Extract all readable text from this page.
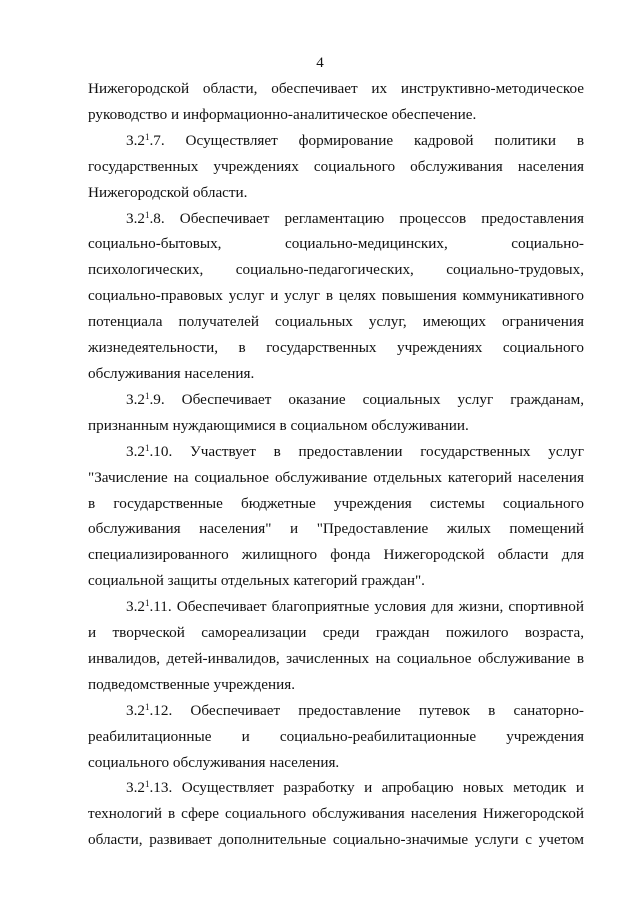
4
Нижегородской области, обеспечивает их инструктивно-методическое
руководство и информационно-аналитическое обеспечение.
$3.2^1.7$. Осуществляет формирование кадровой политики в
государственных учреждениях социального обслуживания населения
Нижегородской области.
$3.2^1.8$. Обеспечивает регламентацию процессов предоставления
социально-бытовых, социально-медицинских, социально-
психологических, социально-педагогических, социально-трудовых,
социально-правовых услуг и услуг в целях повышения коммуникативного
потенциала получателей социальных услуг, имеющих ограничения
жизнедеятельности, в государственных учреждениях социального
обслуживания населения.
$3.2^1.9$. Обеспечивает оказание социальных услуг гражданам,
признанным нуждающимися в социальном обслуживании.
$3.2^1.10$. Участвует в предоставлении государственных услуг
"Зачисление на социальное обслуживание отдельных категорий населения
в государственные бюджетные учреждения системы социального
обслуживания населения" и "Предоставление жилых помещений
специализированного жилищного фонда Нижегородской области для
социальной защиты отдельных категорий граждан".
$3.2^1.11$. Обеспечивает благоприятные условия для жизни, спортивной
и творческой самореализации среди граждан пожилого возраста,
инвалидов, детей-инвалидов, зачисленных на социальное обслуживание в
подведомственные учреждения.
$3.2^1.12$. Обеспечивает предоставление путевок в санаторно-
реабилитационные и социально-реабилитационные учреждения
социального обслуживания населения.
$3.2^1.13$. Осуществляет разработку и апробацию новых методик и
технологий в сфере социального обслуживания населения Нижегородской
области, развивает дополнительные социально-значимые услуги с учетом
